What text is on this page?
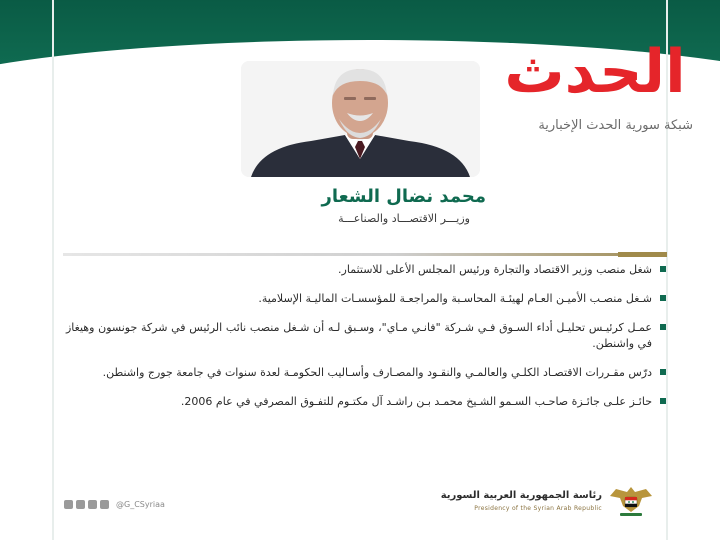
الحدث
شبكة سورية الحدث الإخبارية
محمد نضال الشعار
وزيـــر الاقتصـــاد والصناعـــة
شغل منصب وزير الاقتصاد والتجارة ورئيس المجلس الأعلى للاستثمار.
شـغل منصـب الأميـن العـام لهيئـة المحاسـبة والمراجعـة للمؤسسـات الماليـة الإسلامية.
عمـل كرئيـس تحليـل أداء السـوق فـي شـركة "فانـي مـاي"، وسـبق لـه أن شـغل منصب نائب الرئيس في شركة جونسون وهيغاز في واشنطن.
درّس مقـررات الاقتصـاد الكلـي والعالمـي والنقـود والمصـارف وأسـاليب الحكومـة لعدة سنوات في جامعة جورج واشنطن.
حائـز علـى جائـزة صاحـب السـمو الشـيخ محمـد بـن راشـد آل مكتـوم للتفـوق المصرفي في عام 2006.
@G_CSyriaa
رئاسة الجمهورية العربية السورية
Presidency of the Syrian Arab Republic
